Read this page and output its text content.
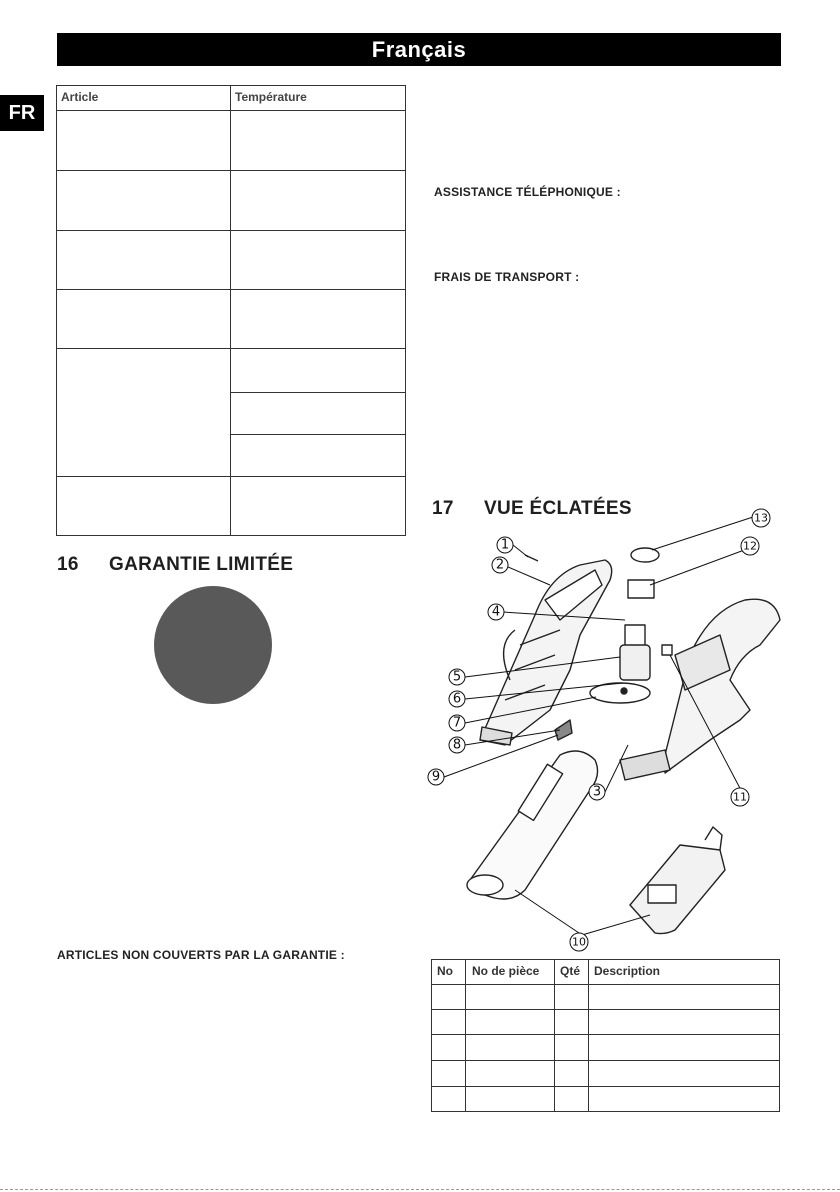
Français
FR
Article	Température
16 GARANTIE LIMITÉE
ARTICLES NON COUVERTS PAR LA GARANTIE :
ASSISTANCE TÉLÉPHONIQUE :
FRAIS DE TRANSPORT :
17 VUE ÉCLATÉES
1
2
3
4
5
6
7
8
9
10
11
12
13
No No de pièce Qté Description
